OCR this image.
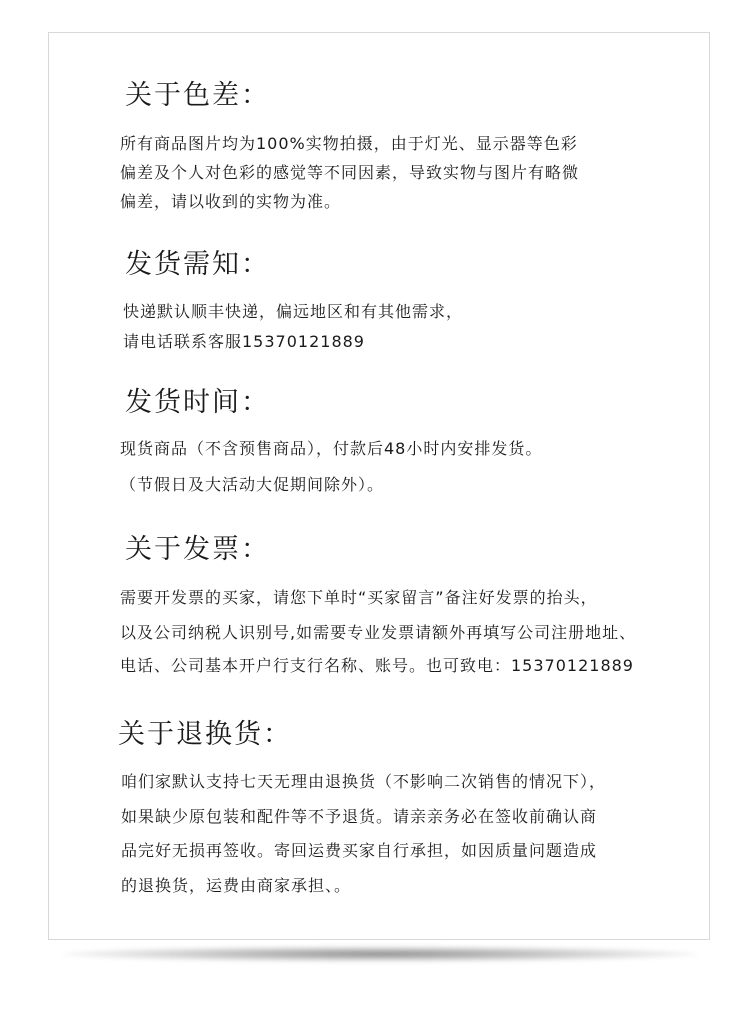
关于色差：

所有商品图片均为100%实物拍摄，由于灯光、显示器等色彩

偏差及个人对色彩的感觉等不同因素，导致实物与图片有略微

偏差，请以收到的实物为准。

发货需知：

快递默认顺丰快递，偏远地区和有其他需求，

请电话联系客服15370121889

发货时间：

现货商品（不含预售商品），付款后48小时内安排发货。

（节假日及大活动大促期间除外）。

关于发票：

需要开发票的买家，请您下单时“买家留言”备注好发票的抬头，

以及公司纳税人识别号,如需要专业发票请额外再填写公司注册地址、

电话、公司基本开户行支行名称、账号。也可致电：15370121889

关于退换货：

咱们家默认支持七天无理由退换货（不影响二次销售的情况下），

如果缺少原包装和配件等不予退货。请亲亲务必在签收前确认商

品完好无损再签收。寄回运费买家自行承担，如因质量问题造成

的退换货，运费由商家承担、。
